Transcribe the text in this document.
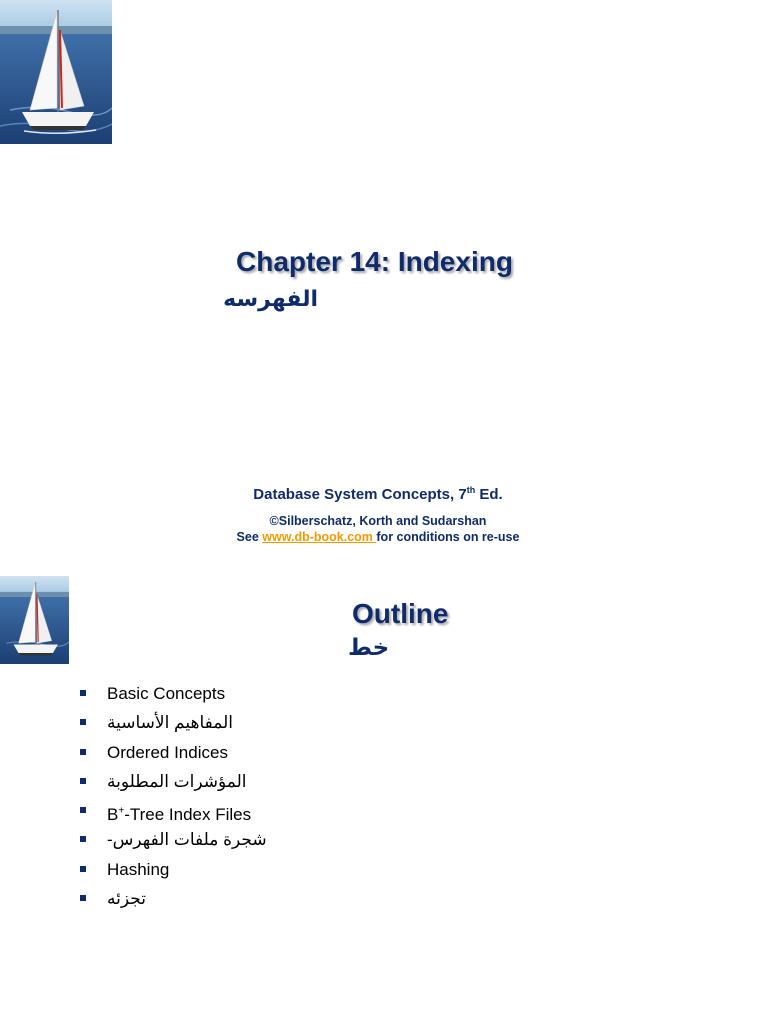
Chapter 14: Indexing
الفهرسه
Database System Concepts, 7th Ed.
©Silberschatz, Korth and Sudarshan
See www.db-book.com for conditions on re-use
Outline
خط
Basic Concepts
المفاهيم الأساسية
Ordered Indices
المؤشرات المطلوبة
B+-Tree Index Files
شجرة ملفات الفهرس-
Hashing
تجزئه
